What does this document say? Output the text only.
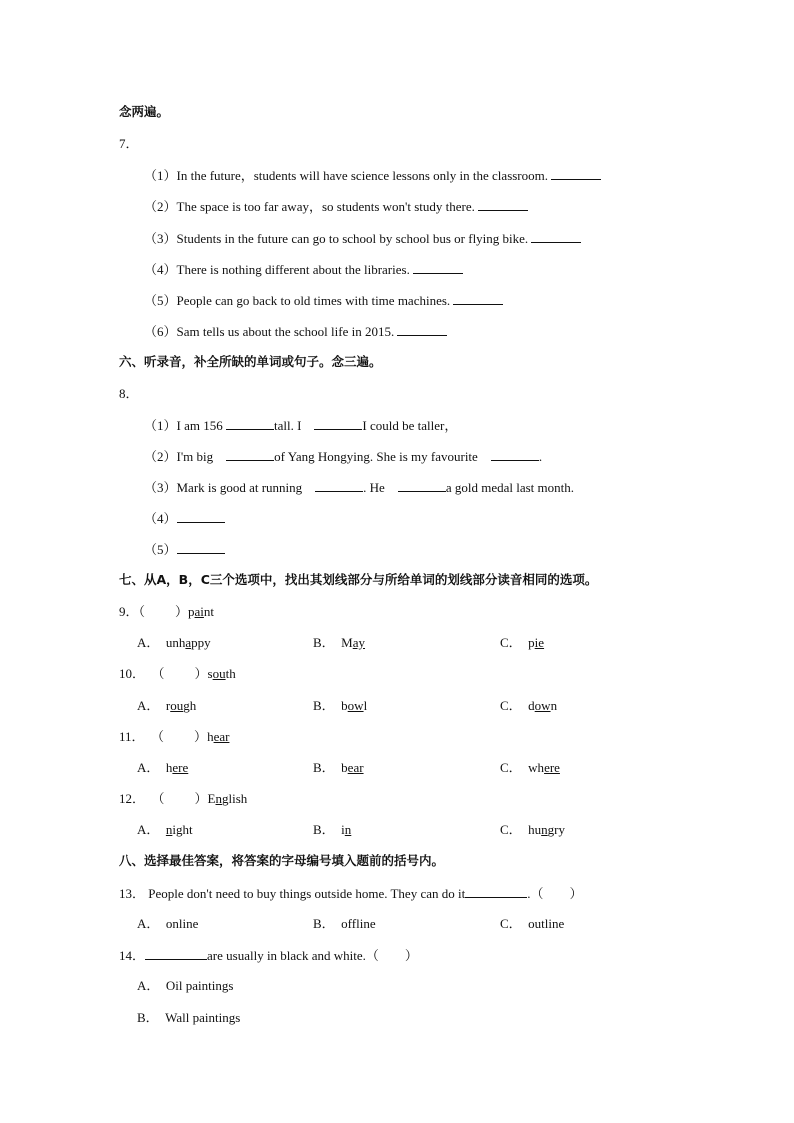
念两遍。
7．
（1）In the future，students will have science lessons only in the classroom.
（2）The space is too far away，so students won't study there.
（3）Students in the future can go to school by school bus or flying bike.
（4）There is nothing different about the libraries.
（5）People can go back to old times with time machines.
（6）Sam tells us about the school life in 2015.
六、听录音，补全所缺的单词或句子。念三遍。
8．
（1）I am 156	tall. I	I could be taller，
（2）I'm big	of Yang Hongying. She is my favourite	.
（3）Mark is good at running	. He	a gold medal last month.
（4）
（5）
七、从A，B，C三个选项中，找出其划线部分与所给单词的划线部分读音相同的选项。
9．（ ）paint
A． unhappy	B． May	C． pie
10． （ ）south
A． rough	B． bowl	C． down
11． （ ）hear
A． here	B． bear	C． where
12． （ ）English
A． night	B． in	C． hungry
八、选择最佳答案，将答案的字母编号填入题前的括号内。
13． People don't need to buy things outside home. They can do it	.（　　）
A． online	B． offline	C． outline
14．	are usually in black and white.（　　）
A． Oil paintings
B． Wall paintings
